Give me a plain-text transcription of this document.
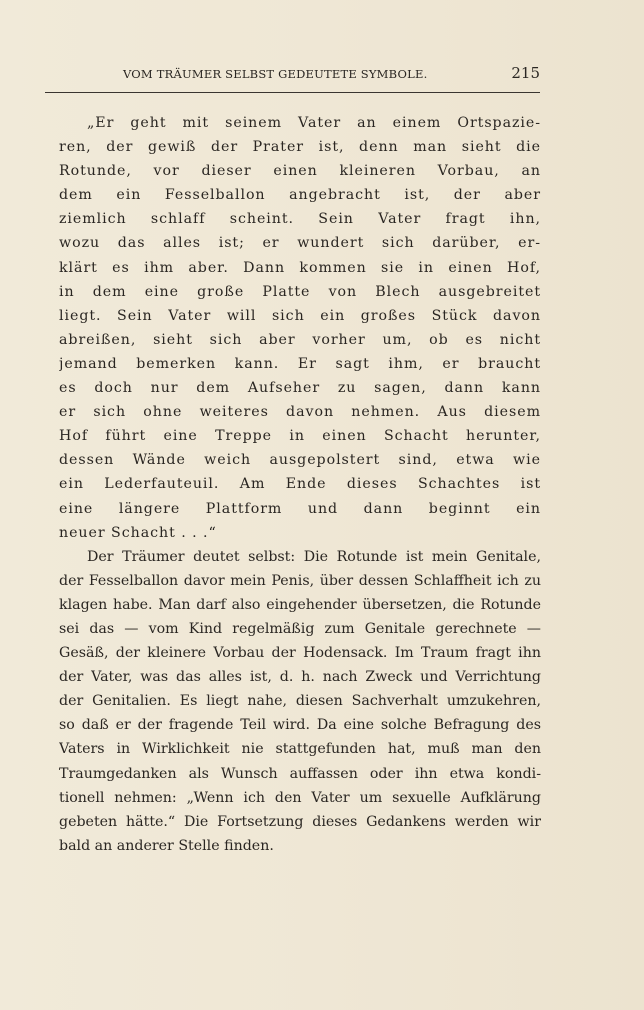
VOM TRÄUMER SELBST GEDEUTETE SYMBOLE.	215
„Er geht mit seinem Vater an einem Ortspazie-
ren, der gewiß der Prater ist, denn man sieht die
Rotunde, vor dieser einen kleineren Vorbau, an
dem ein Fesselballon angebracht ist, der aber
ziemlich schlaff scheint. Sein Vater fragt ihn,
wozu das alles ist; er wundert sich darüber, er-
klärt es ihm aber. Dann kommen sie in einen Hof,
in dem eine große Platte von Blech ausgebreitet
liegt. Sein Vater will sich ein großes Stück davon
abreißen, sieht sich aber vorher um, ob es nicht
jemand bemerken kann. Er sagt ihm, er braucht
es doch nur dem Aufseher zu sagen, dann kann
er sich ohne weiteres davon nehmen. Aus diesem
Hof führt eine Treppe in einen Schacht herunter,
dessen Wände weich ausgepolstert sind, etwa wie
ein Lederfauteuil. Am Ende dieses Schachtes ist
eine längere Plattform und dann beginnt ein
neuer Schacht . . .“
Der Träumer deutet selbst: Die Rotunde ist mein Genitale,
der Fesselballon davor mein Penis, über dessen Schlaffheit ich zu
klagen habe. Man darf also eingehender übersetzen, die Rotunde
sei das — vom Kind regelmäßig zum Genitale gerechnete —
Gesäß, der kleinere Vorbau der Hodensack. Im Traum fragt ihn
der Vater, was das alles ist, d. h. nach Zweck und Verrichtung
der Genitalien. Es liegt nahe, diesen Sachverhalt umzukehren,
so daß er der fragende Teil wird. Da eine solche Befragung des
Vaters in Wirklichkeit nie stattgefunden hat, muß man den
Traumgedanken als Wunsch auffassen oder ihn etwa kondi-
tionell nehmen: „Wenn ich den Vater um sexuelle Aufklärung
gebeten hätte.“ Die Fortsetzung dieses Gedankens werden wir
bald an anderer Stelle finden.
